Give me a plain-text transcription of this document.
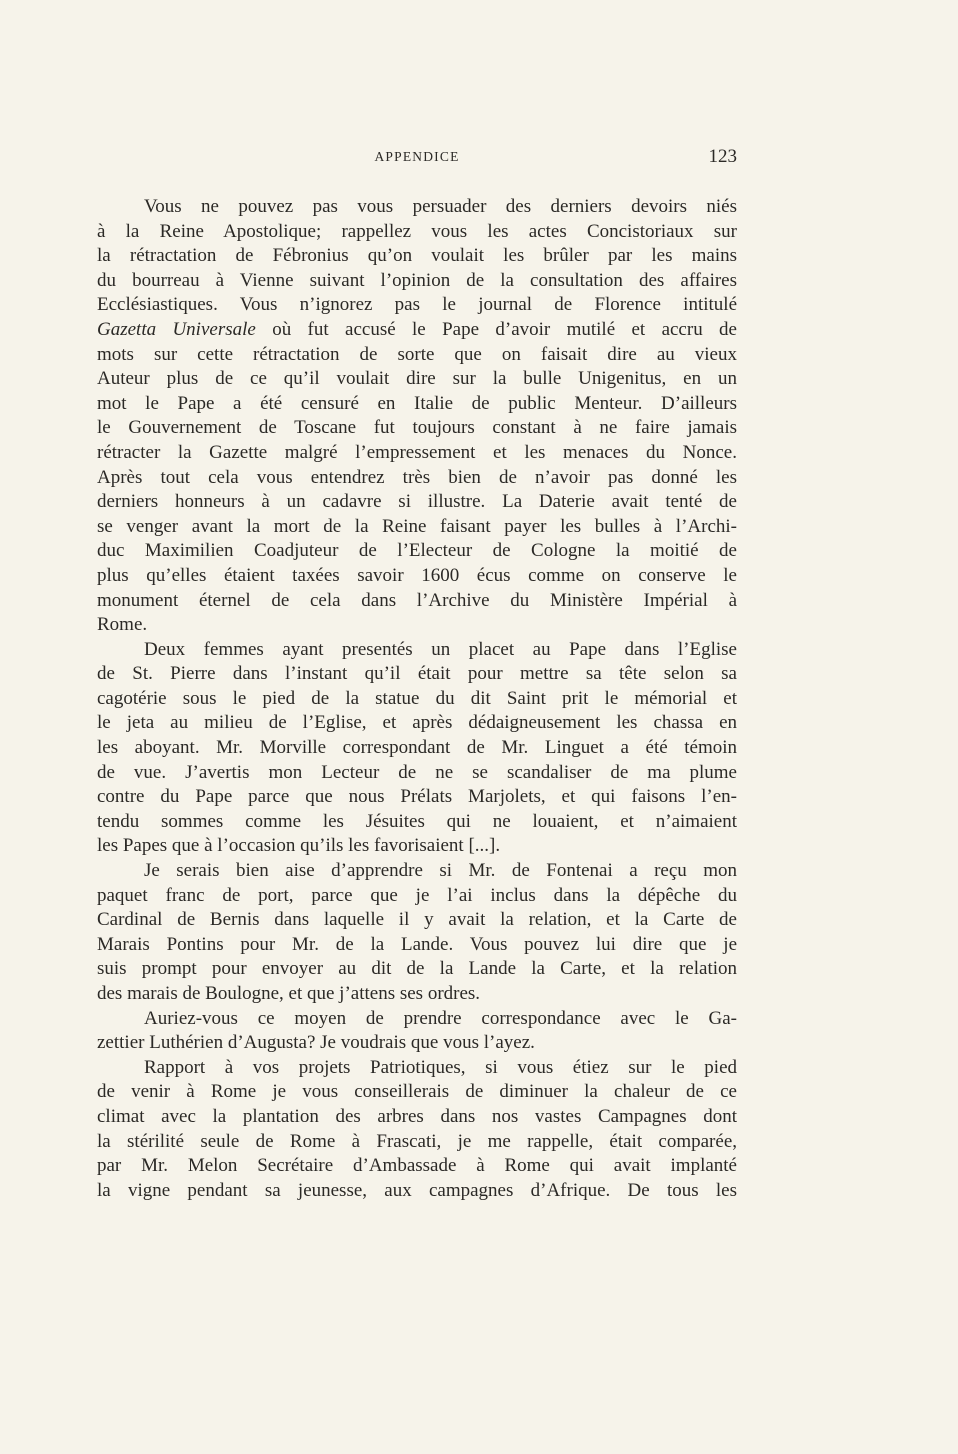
APPENDICE	123
Vous ne pouvez pas vous persuader des derniers devoirs niés
à la Reine Apostolique; rappellez vous les actes Concistoriaux sur
la rétractation de Fébronius qu’on voulait les brûler par les mains
du bourreau à Vienne suivant l’opinion de la consultation des affaires
Ecclésiastiques. Vous n’ignorez pas le journal de Florence intitulé
Gazetta Universale où fut accusé le Pape d’avoir mutilé et accru de
mots sur cette rétractation de sorte que on faisait dire au vieux
Auteur plus de ce qu’il voulait dire sur la bulle Unigenitus, en un
mot le Pape a été censuré en Italie de public Menteur. D’ailleurs
le Gouvernement de Toscane fut toujours constant à ne faire jamais
rétracter la Gazette malgré l’empressement et les menaces du Nonce.
Après tout cela vous entendrez très bien de n’avoir pas donné les
derniers honneurs à un cadavre si illustre. La Daterie avait tenté de
se venger avant la mort de la Reine faisant payer les bulles à l’Archi-
duc Maximilien Coadjuteur de l’Electeur de Cologne la moitié de
plus qu’elles étaient taxées savoir 1600 écus comme on conserve le
monument éternel de cela dans l’Archive du Ministère Impérial à
Rome.
Deux femmes ayant presentés un placet au Pape dans l’Eglise
de St. Pierre dans l’instant qu’il était pour mettre sa tête selon sa
cagotérie sous le pied de la statue du dit Saint prit le mémorial et
le jeta au milieu de l’Eglise, et après dédaigneusement les chassa en
les aboyant. Mr. Morville correspondant de Mr. Linguet a été témoin
de vue. J’avertis mon Lecteur de ne se scandaliser de ma plume
contre du Pape parce que nous Prélats Marjolets, et qui faisons l’en-
tendu sommes comme les Jésuites qui ne louaient, et n’aimaient
les Papes que à l’occasion qu’ils les favorisaient [...].
Je serais bien aise d’apprendre si Mr. de Fontenai a reçu mon
paquet franc de port, parce que je l’ai inclus dans la dépêche du
Cardinal de Bernis dans laquelle il y avait la relation, et la Carte de
Marais Pontins pour Mr. de la Lande. Vous pouvez lui dire que je
suis prompt pour envoyer au dit de la Lande la Carte, et la relation
des marais de Boulogne, et que j’attens ses ordres.
Auriez-vous ce moyen de prendre correspondance avec le Ga-
zettier Luthérien d’Augusta? Je voudrais que vous l’ayez.
Rapport à vos projets Patriotiques, si vous étiez sur le pied
de venir à Rome je vous conseillerais de diminuer la chaleur de ce
climat avec la plantation des arbres dans nos vastes Campagnes dont
la stérilité seule de Rome à Frascati, je me rappelle, était comparée,
par Mr. Melon Secrétaire d’Ambassade à Rome qui avait implanté
la vigne pendant sa jeunesse, aux campagnes d’Afrique. De tous les
